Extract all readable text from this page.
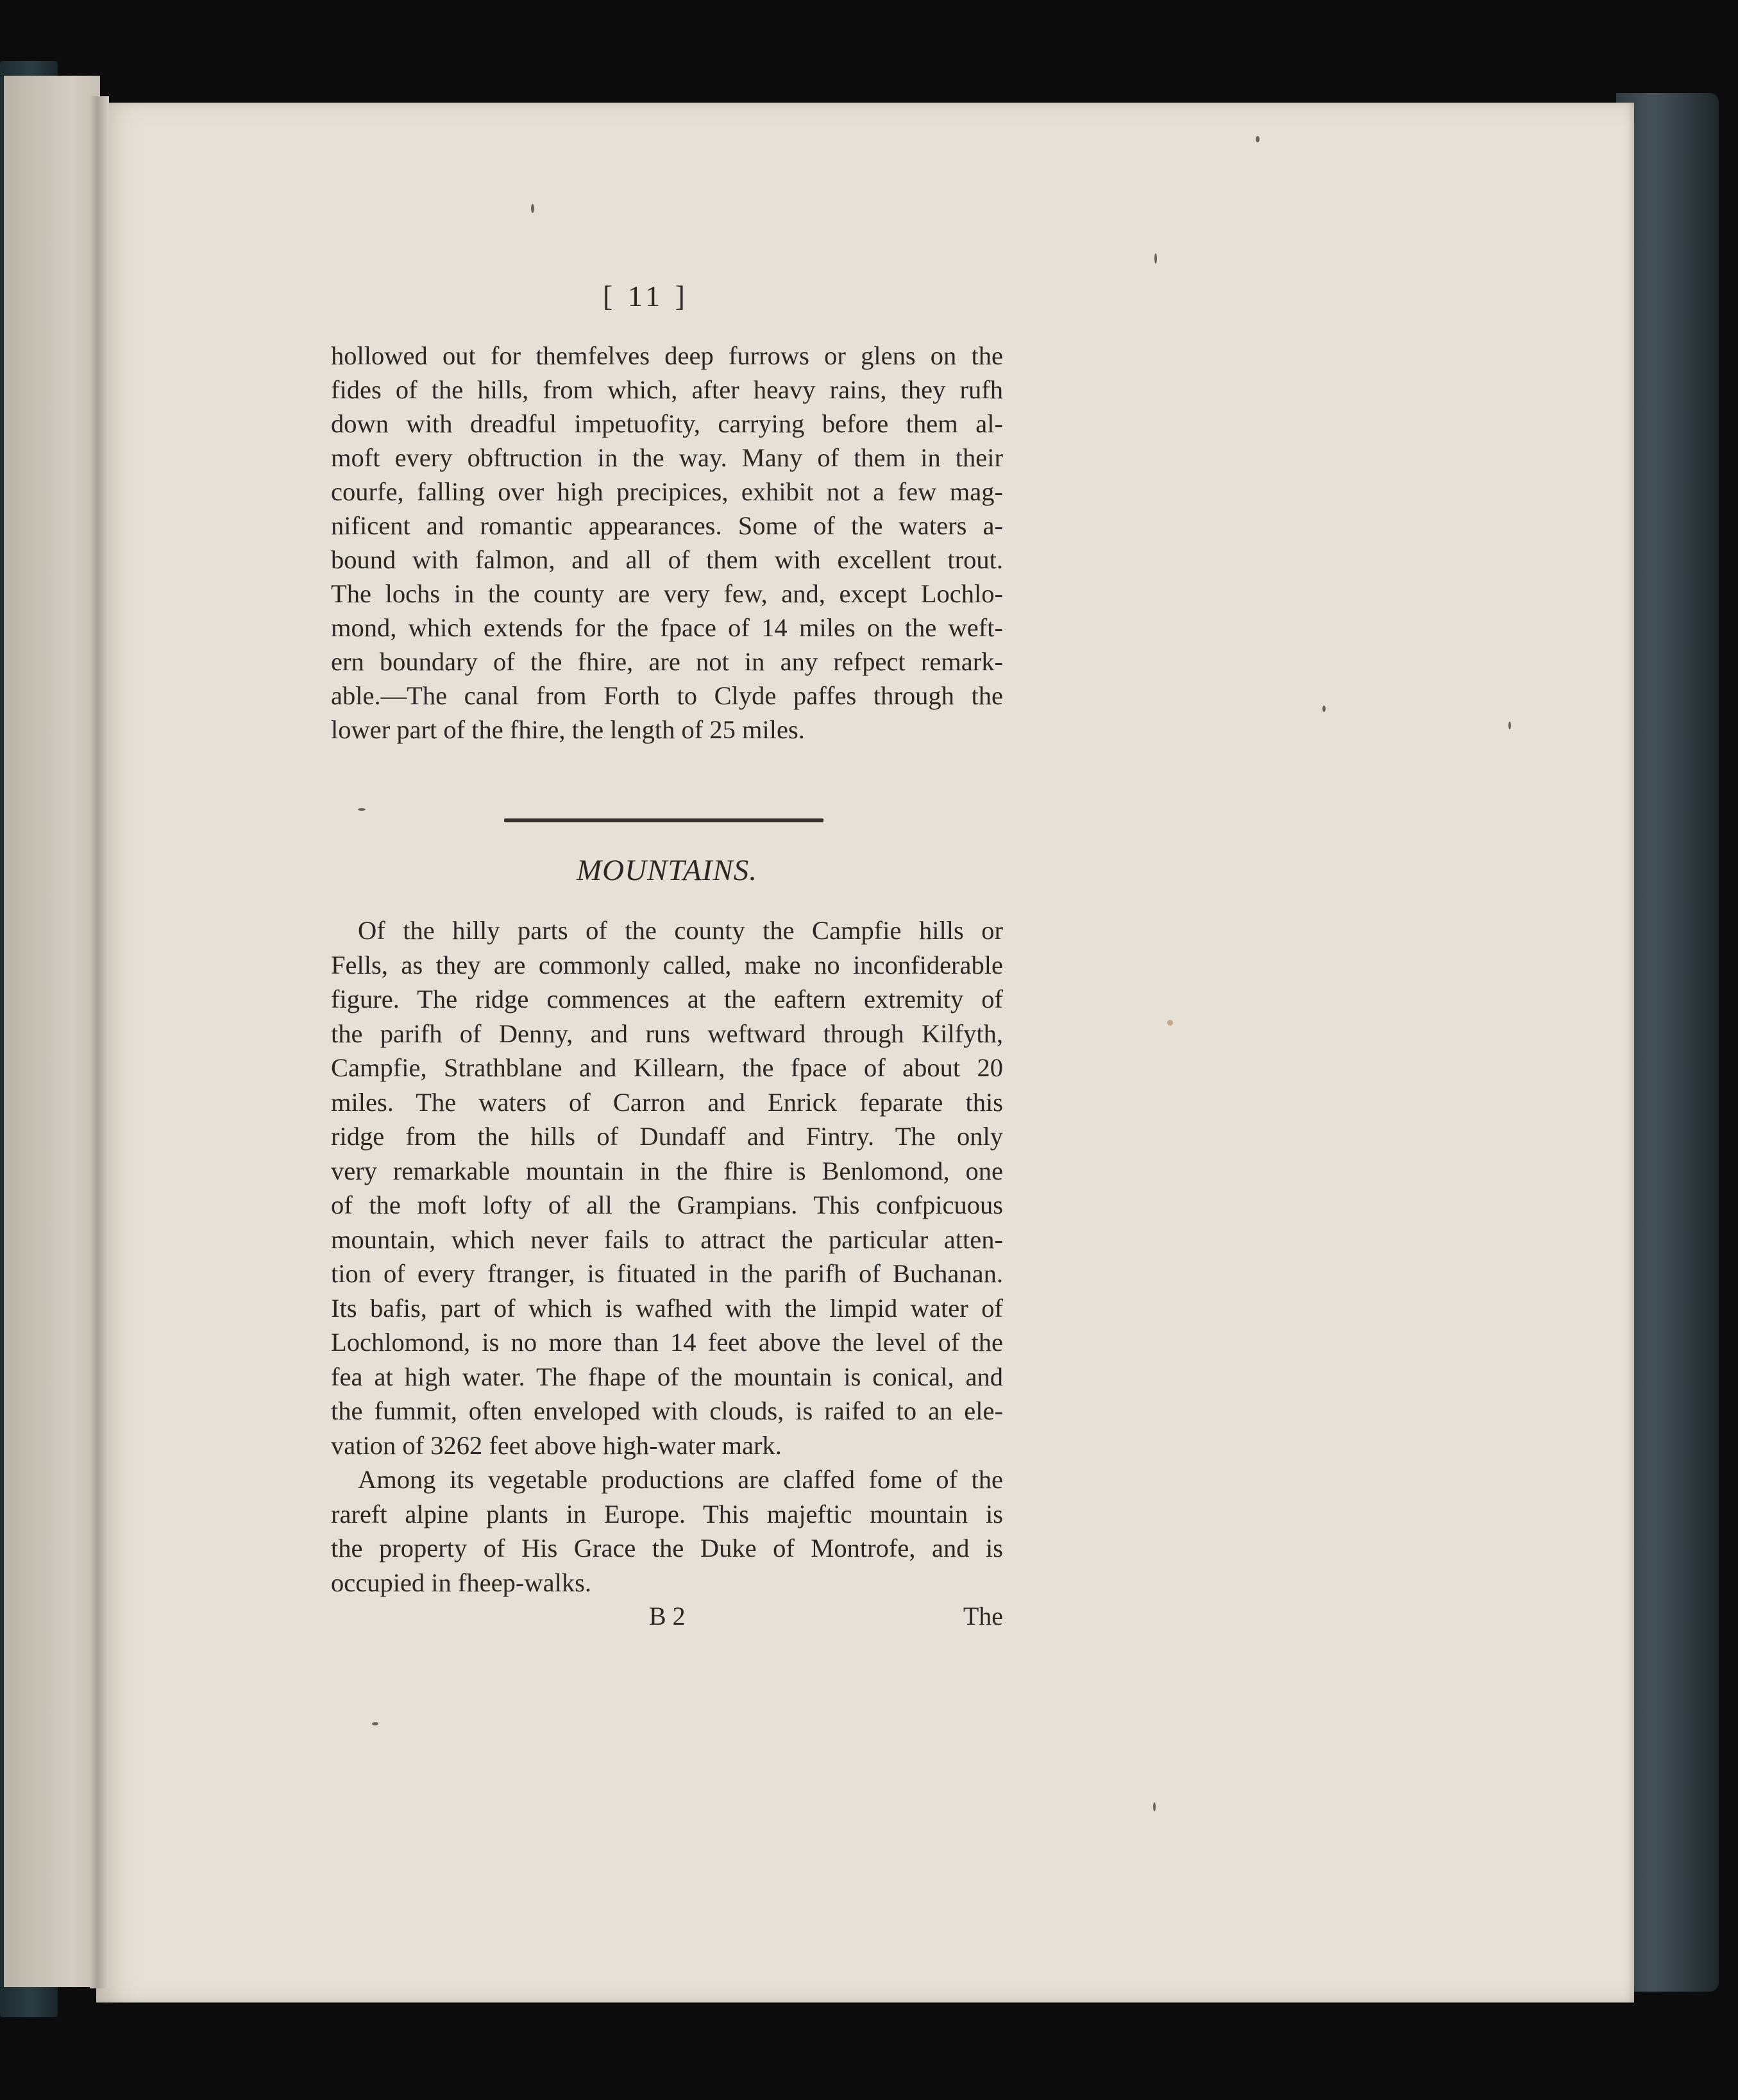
[ 11 ]
hollowed out for themfelves deep furrows or glens on the
fides of the hills, from which, after heavy rains, they rufh
down with dreadful impetuofity, carrying before them al-
moft every obftruction in the way. Many of them in their
courfe, falling over high precipices, exhibit not a few mag-
nificent and romantic appearances. Some of the waters a-
bound with falmon, and all of them with excellent trout.
The lochs in the county are very few, and, except Lochlo-
mond, which extends for the fpace of 14 miles on the weft-
ern boundary of the fhire, are not in any refpect remark-
able.—The canal from Forth to Clyde paffes through the
lower part of the fhire, the length of 25 miles.
MOUNTAINS.
Of the hilly parts of the county the Campfie hills or
Fells, as they are commonly called, make no inconfiderable
figure. The ridge commences at the eaftern extremity of
the parifh of Denny, and runs weftward through Kilfyth,
Campfie, Strathblane and Killearn, the fpace of about 20
miles. The waters of Carron and Enrick feparate this
ridge from the hills of Dundaff and Fintry. The only
very remarkable mountain in the fhire is Benlomond, one
of the moft lofty of all the Grampians. This confpicuous
mountain, which never fails to attract the particular atten-
tion of every ftranger, is fituated in the parifh of Buchanan.
Its bafis, part of which is wafhed with the limpid water of
Lochlomond, is no more than 14 feet above the level of the
fea at high water. The fhape of the mountain is conical, and
the fummit, often enveloped with clouds, is raifed to an ele-
vation of 3262 feet above high-water mark.
Among its vegetable productions are claffed fome of the
rareft alpine plants in Europe. This majeftic mountain is
the property of His Grace the Duke of Montrofe, and is
occupied in fheep-walks.
B 2	The
